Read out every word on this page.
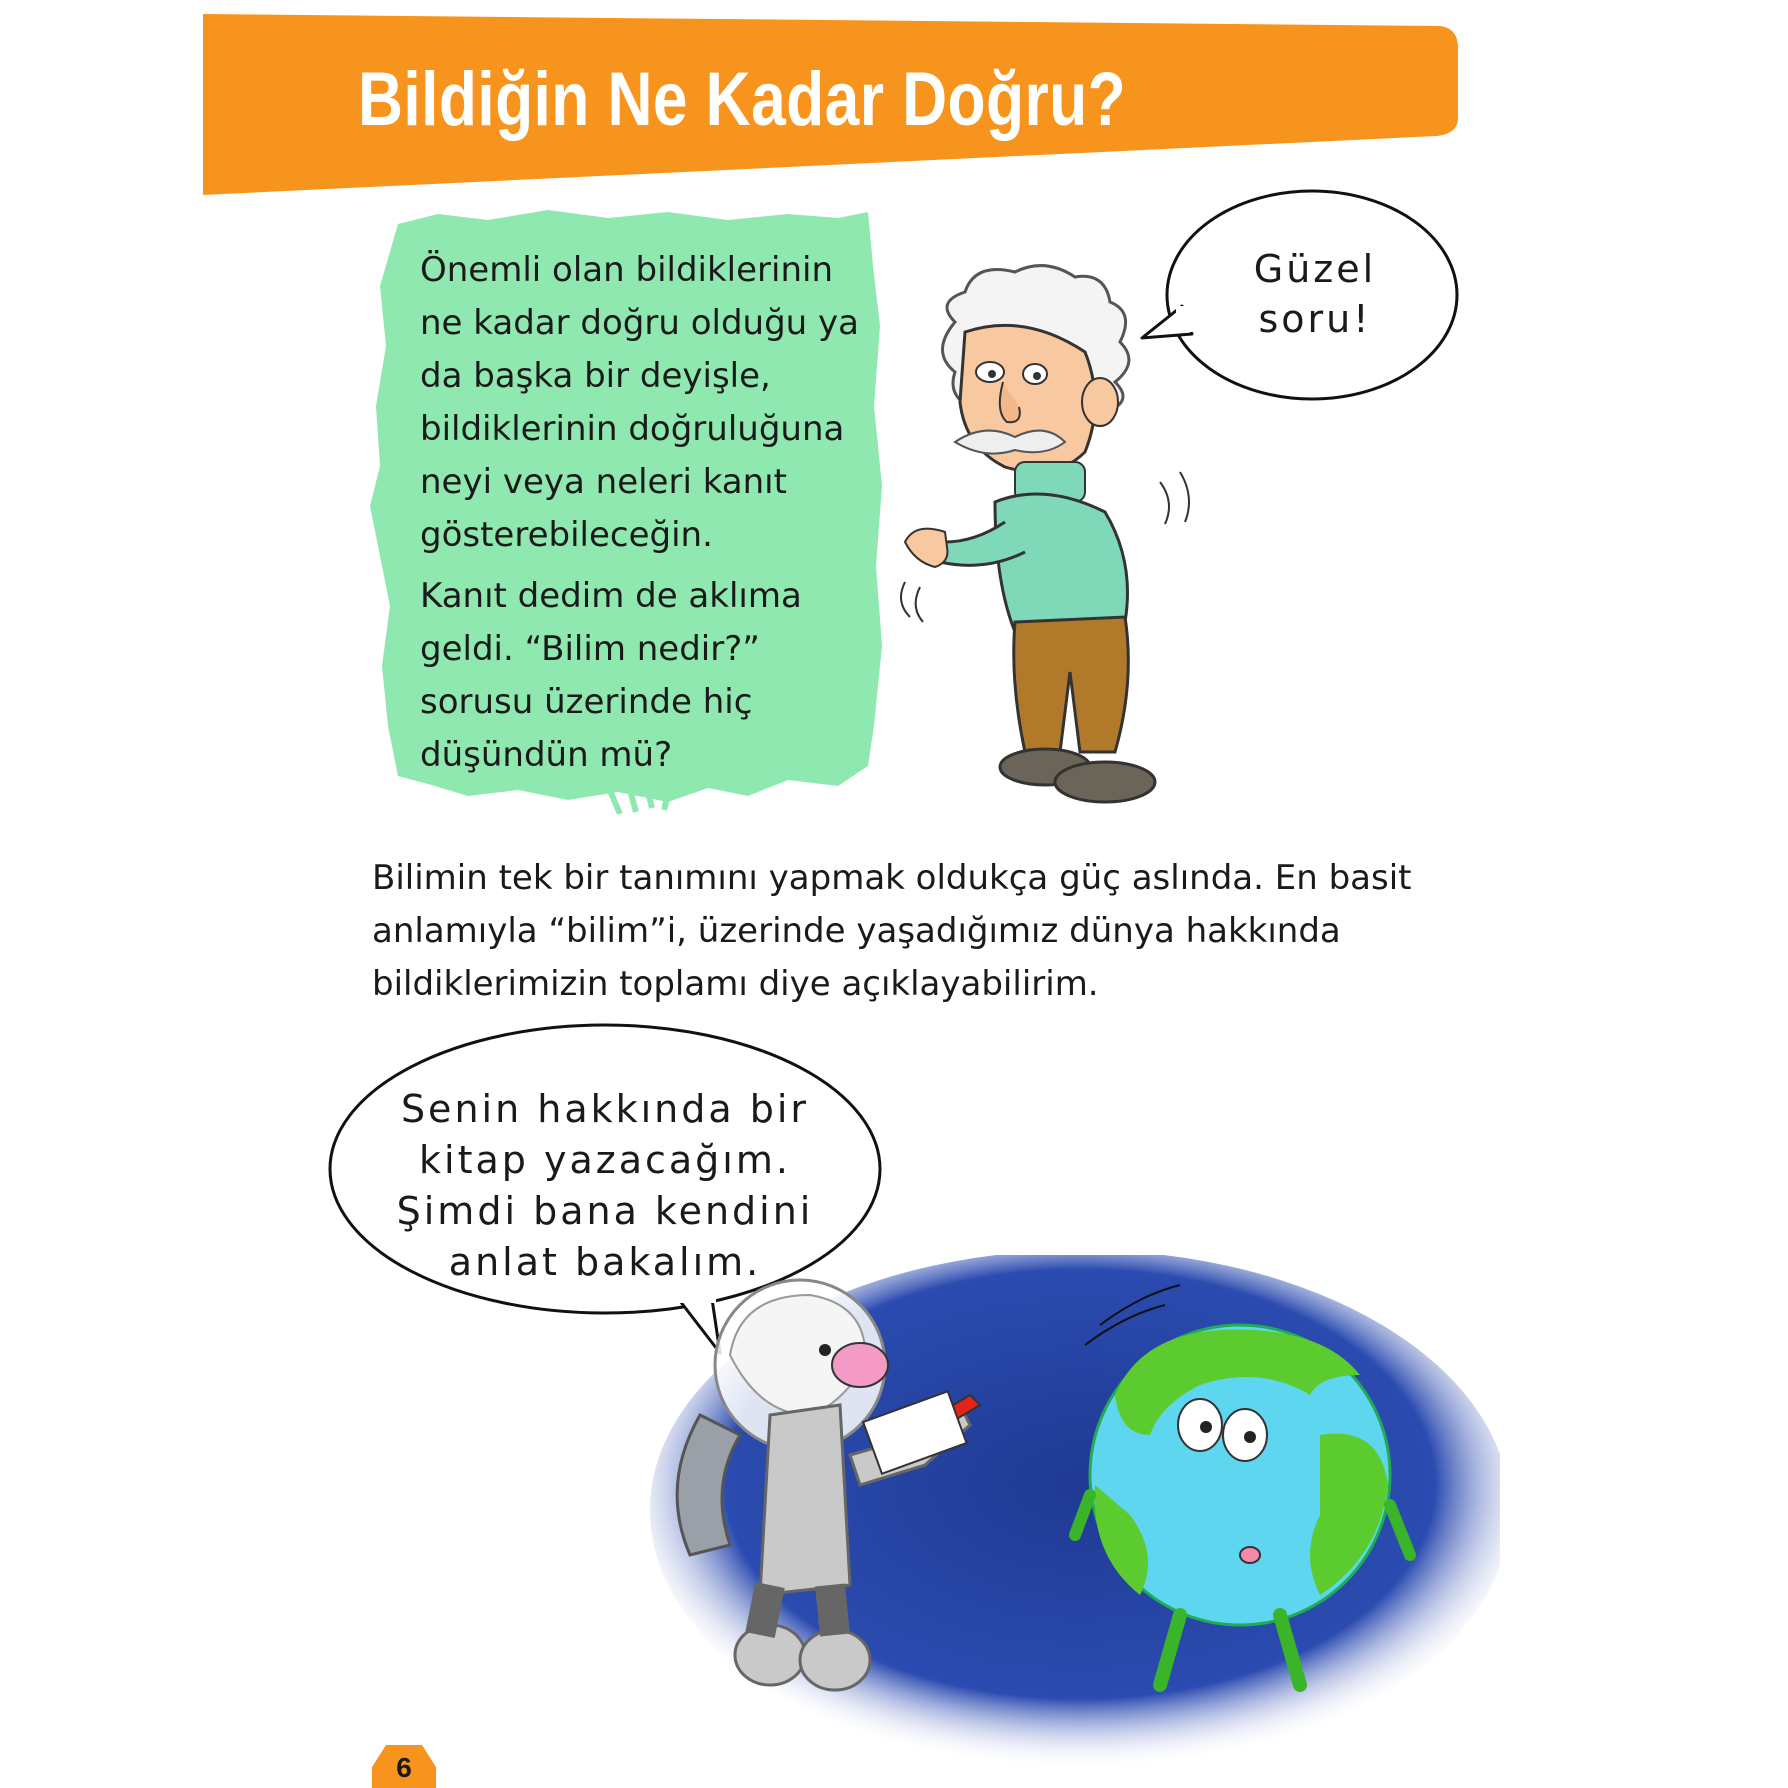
Bildiğin Ne Kadar Doğru?

Önemli olan bildiklerinin ne kadar doğru olduğu ya da başka bir deyişle, bildiklerinin doğruluğuna neyi veya neleri kanıt gösterebileceğin.

Kanıt dedim de aklıma geldi. “Bilim nedir?” sorusu üzerinde hiç düşündün mü?

Güzel
soru!

Bilimin tek bir tanımını yapmak oldukça güç aslında. En basit anlamıyla “bilim”i, üzerinde yaşadığımız dünya hakkında bildiklerimizin toplamı diye açıklayabilirim.

Senin hakkında bir
kitap yazacağım.
Şimdi bana kendini
anlat bakalım.
6
